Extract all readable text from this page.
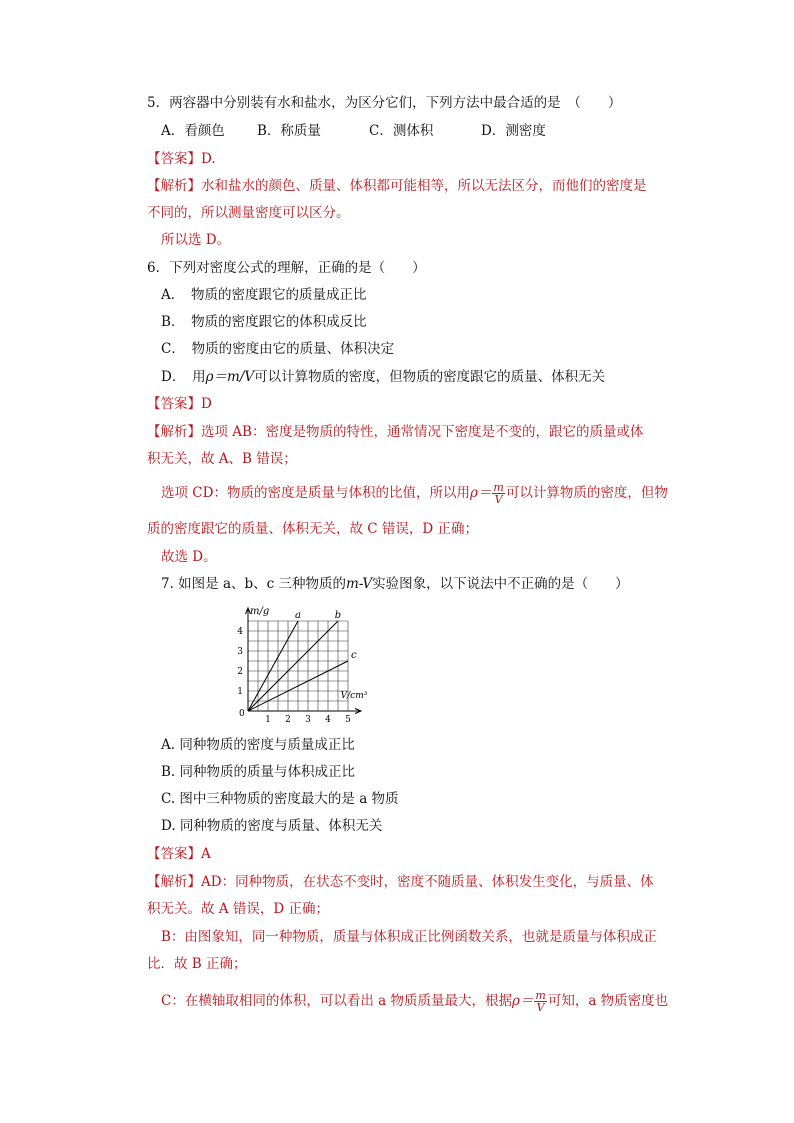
5．两容器中分别装有水和盐水，为区分它们，下列方法中最合适的是　（　　）
A．看颜色 B．称质量	C．测体积	D．测密度
【答案】D.
【解析】水和盐水的颜色、质量、体积都可能相等，所以无法区分，而他们的密度是
不同的，所以测量密度可以区分。
所以选 D。
6．下列对密度公式的理解，正确的是（　　）
A．　物质的密度跟它的质量成正比
B．　物质的密度跟它的体积成反比
C．　物质的密度由它的质量、体积决定
D．　用ρ＝m/V可以计算物质的密度，但物质的密度跟它的质量、体积无关
【答案】D
【解析】选项 AB：密度是物质的特性，通常情况下密度是不变的，跟它的质量或体
积无关，故 A、B 错误；
选项 CD：物质的密度是质量与体积的比值，所以用$\rho= \frac{m}{V}$ 可以计算物质的密度，但物
质的密度跟它的质量、体积无关，故 C 错误，D 正确；
故选 D。
7. 如图是 a、b、c 三种物质的m-V实验图象，以下说法中不正确的是（　　）
1 2 3 4 5
1
2
3
4
a	b
c
m/g
V/cm³
0
A. 同种物质的密度与质量成正比
B. 同种物质的质量与体积成正比
C. 图中三种物质的密度最大的是 a 物质
D. 同种物质的密度与质量、体积无关
【答案】A
【解析】AD：同种物质，在状态不变时，密度不随质量、体积发生变化，与质量、体
积无关。故 A 错误，D 正确；
B：由图象知，同一种物质，质量与体积成正比例函数关系，也就是质量与体积成正
比．故 B 正确；
C：在横轴取相同的体积，可以看出 a 物质质量最大，根据$\rho= \frac{m}{V}$ 可知，a 物质密度也
